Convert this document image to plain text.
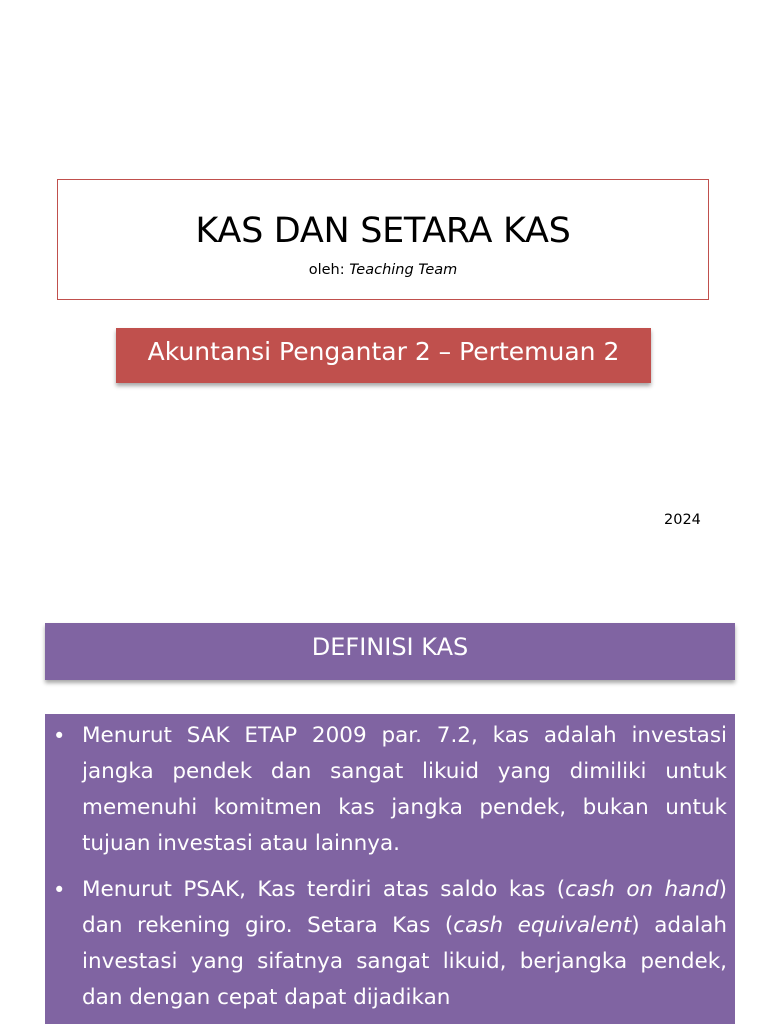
KAS DAN SETARA KAS
oleh: Teaching Team
Akuntansi Pengantar 2 – Pertemuan 2
2024
DEFINISI KAS
• Menurut SAK ETAP 2009 par. 7.2, kas adalah investasi jangka pendek dan sangat likuid yang dimiliki untuk memenuhi komitmen kas jangka pendek, bukan untuk tujuan investasi atau lainnya.
• Menurut PSAK, Kas terdiri atas saldo kas (cash on hand) dan rekening giro. Setara Kas (cash equivalent) adalah investasi yang sifatnya sangat likuid, berjangka pendek, dan dengan cepat dapat dijadikan
